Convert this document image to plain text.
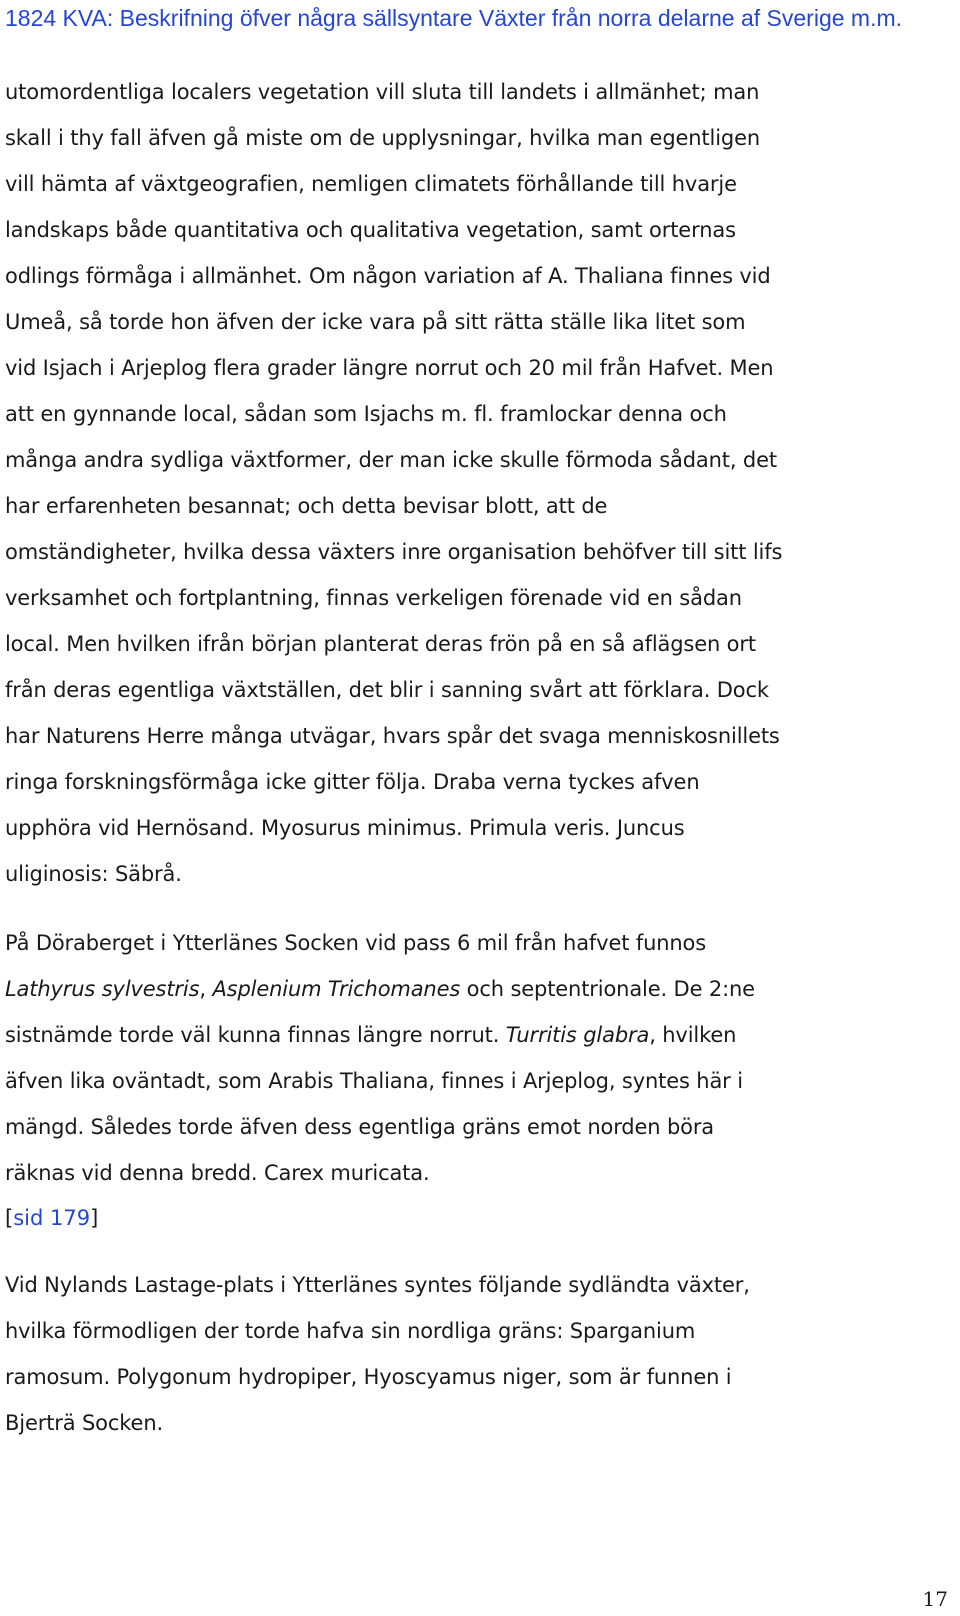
1824 KVA: Beskrifning öfver några sällsyntare Växter från norra delarne af Sverige m.m.
utomordentliga localers vegetation vill sluta till landets i allmänhet; man
skall i thy fall äfven gå miste om de upplysningar, hvilka man egentligen
vill hämta af växtgeografien, nemligen climatets förhållande till hvarje
landskaps både quantitativa och qualitativa vegetation, samt orternas
odlings förmåga i allmänhet. Om någon variation af A. Thaliana finnes vid
Umeå, så torde hon äfven der icke vara på sitt rätta ställe lika litet som
vid Isjach i Arjeplog flera grader längre norrut och 20 mil från Hafvet. Men
att en gynnande local, sådan som Isjachs m. fl. framlockar denna och
många andra sydliga växtformer, der man icke skulle förmoda sådant, det
har erfarenheten besannat; och detta bevisar blott, att de
omständigheter, hvilka dessa växters inre organisation behöfver till sitt lifs
verksamhet och fortplantning, finnas verkeligen förenade vid en sådan
local. Men hvilken ifrån början planterat deras frön på en så aflägsen ort
från deras egentliga växtställen, det blir i sanning svårt att förklara. Dock
har Naturens Herre många utvägar, hvars spår det svaga menniskosnillets
ringa forskningsförmåga icke gitter följa. Draba verna tyckes afven
upphöra vid Hernösand. Myosurus minimus. Primula veris. Juncus
uliginosis: Säbrå.
På Döraberget i Ytterlänes Socken vid pass 6 mil från hafvet funnos
Lathyrus sylvestris, Asplenium Trichomanes och septentrionale. De 2:ne
sistnämde torde väl kunna finnas längre norrut. Turritis glabra, hvilken
äfven lika oväntadt, som Arabis Thaliana, finnes i Arjeplog, syntes här i
mängd. Således torde äfven dess egentliga gräns emot norden böra
räknas vid denna bredd. Carex muricata.
[sid 179]
Vid Nylands Lastage-plats i Ytterlänes syntes följande sydländta växter,
hvilka förmodligen der torde hafva sin nordliga gräns: Sparganium
ramosum. Polygonum hydropiper, Hyoscyamus niger, som är funnen i
Bjerträ Socken.
17
